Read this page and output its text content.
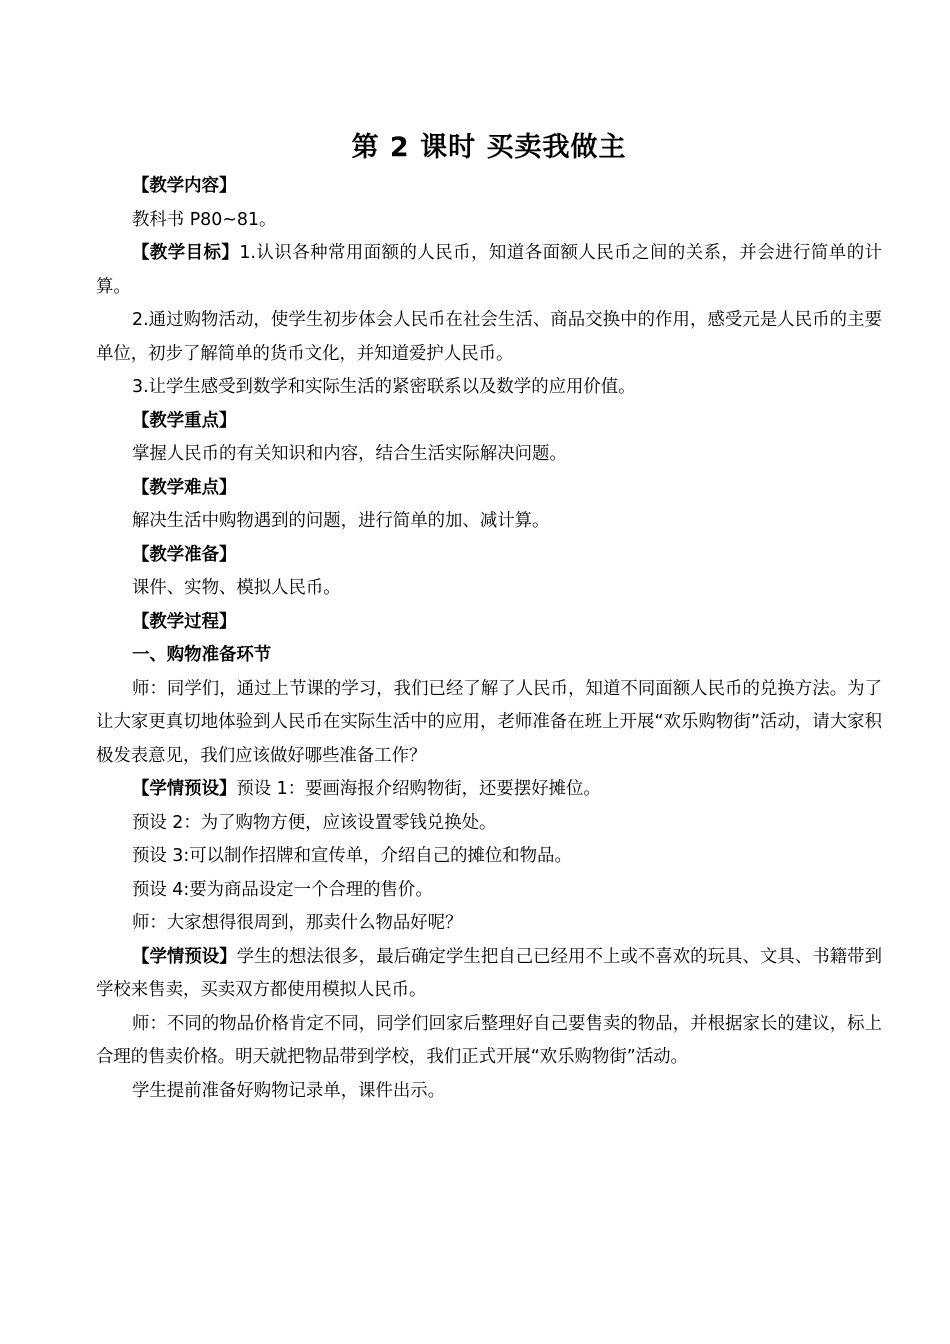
第 2 课时 买卖我做主

【教学内容】

教科书 P80~81。

【教学目标】1.认识各种常用面额的人民币，知道各面额人民币之间的关系，并会进行简单的计算。

2.通过购物活动，使学生初步体会人民币在社会生活、商品交换中的作用，感受元是人民币的主要单位，初步了解简单的货币文化，并知道爱护人民币。

3.让学生感受到数学和实际生活的紧密联系以及数学的应用价值。

【教学重点】

掌握人民币的有关知识和内容，结合生活实际解决问题。

【教学难点】

解决生活中购物遇到的问题，进行简单的加、减计算。

【教学准备】

课件、实物、模拟人民币。

【教学过程】

一、购物准备环节

师：同学们，通过上节课的学习，我们已经了解了人民币，知道不同面额人民币的兑换方法。为了让大家更真切地体验到人民币在实际生活中的应用，老师准备在班上开展“欢乐购物街”活动，请大家积极发表意见，我们应该做好哪些准备工作？

【学情预设】预设 1：要画海报介绍购物街，还要摆好摊位。

预设 2：为了购物方便，应该设置零钱兑换处。

预设 3:可以制作招牌和宣传单，介绍自己的摊位和物品。

预设 4:要为商品设定一个合理的售价。

师：大家想得很周到，那卖什么物品好呢？

【学情预设】学生的想法很多，最后确定学生把自己已经用不上或不喜欢的玩具、文具、书籍带到学校来售卖，买卖双方都使用模拟人民币。

师：不同的物品价格肯定不同，同学们回家后整理好自己要售卖的物品，并根据家长的建议，标上合理的售卖价格。明天就把物品带到学校，我们正式开展“欢乐购物街”活动。

学生提前准备好购物记录单，课件出示。
